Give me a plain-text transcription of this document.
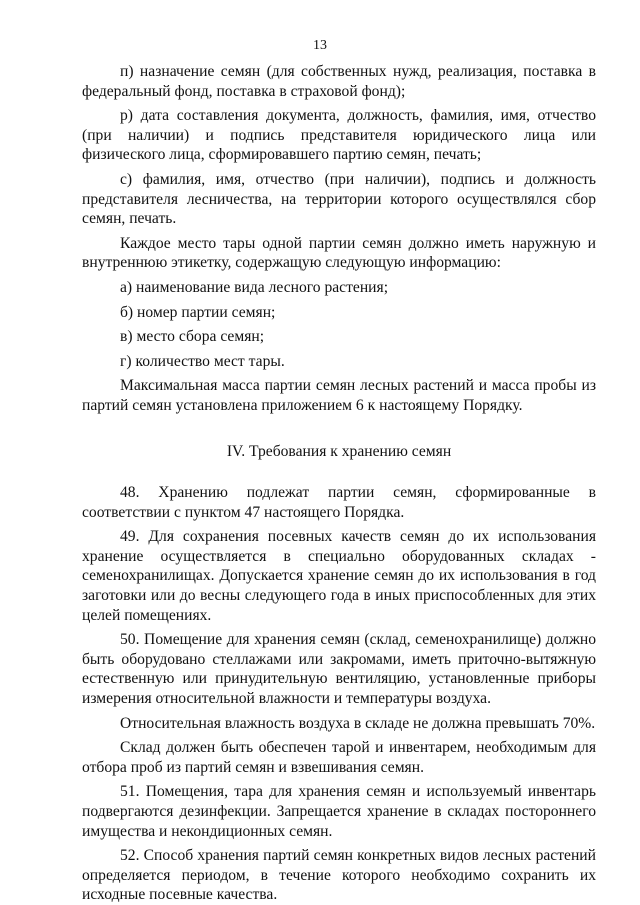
13

п) назначение семян (для собственных нужд, реализация, поставка в федеральный фонд, поставка в страховой фонд);

р) дата составления документа, должность, фамилия, имя, отчество (при наличии) и подпись представителя юридического лица или физического лица, сформировавшего партию семян, печать;

с) фамилия, имя, отчество (при наличии), подпись и должность представителя лесничества, на территории которого осуществлялся сбор семян, печать.

Каждое место тары одной партии семян должно иметь наружную и внутреннюю этикетку, содержащую следующую информацию:

а) наименование вида лесного растения;

б) номер партии семян;

в) место сбора семян;

г) количество мест тары.

Максимальная масса партии семян лесных растений и масса пробы из партий семян установлена приложением 6 к настоящему Порядку.

IV. Требования к хранению семян

48. Хранению подлежат партии семян, сформированные в соответствии с пунктом 47 настоящего Порядка.

49. Для сохранения посевных качеств семян до их использования хранение осуществляется в специально оборудованных складах - семенохранилищах. Допускается хранение семян до их использования в год заготовки или до весны следующего года в иных приспособленных для этих целей помещениях.

50. Помещение для хранения семян (склад, семенохранилище) должно быть оборудовано стеллажами или закромами, иметь приточно-вытяжную естественную или принудительную вентиляцию, установленные приборы измерения относительной влажности и температуры воздуха.

Относительная влажность воздуха в складе не должна превышать 70%.

Склад должен быть обеспечен тарой и инвентарем, необходимым для отбора проб из партий семян и взвешивания семян.

51. Помещения, тара для хранения семян и используемый инвентарь подвергаются дезинфекции. Запрещается хранение в складах постороннего имущества и некондиционных семян.

52. Способ хранения партий семян конкретных видов лесных растений определяется периодом, в течение которого необходимо сохранить их исходные посевные качества.
